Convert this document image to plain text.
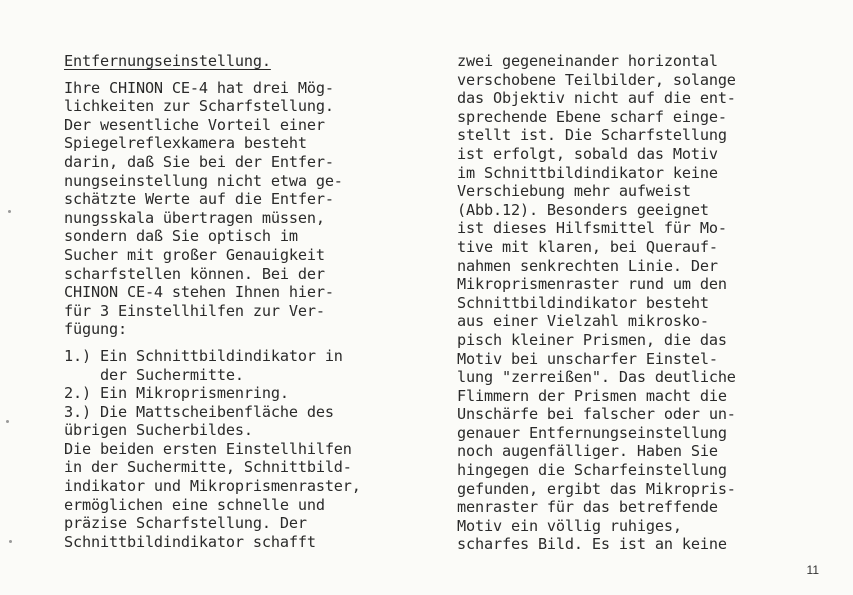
Entfernungseinstellung.
Ihre CHINON CE-4 hat drei Mög-
lichkeiten zur Scharfstellung.
Der wesentliche Vorteil einer
Spiegelreflexkamera besteht
darin, daß Sie bei der Entfer-
nungseinstellung nicht etwa ge-
schätzte Werte auf die Entfer-
nungsskala übertragen müssen,
sondern daß Sie optisch im
Sucher mit großer Genauigkeit
scharfstellen können. Bei der
CHINON CE-4 stehen Ihnen hier-
für 3 Einstellhilfen zur Ver-
fügung:
1.) Ein Schnittbildindikator in
der Suchermitte.
2.) Ein Mikroprismenring.
3.) Die Mattscheibenfläche des
übrigen Sucherbildes.
Die beiden ersten Einstellhilfen
in der Suchermitte, Schnittbild-
indikator und Mikroprismenraster,
ermöglichen eine schnelle und
präzise Scharfstellung. Der
Schnittbildindikator schafft
zwei gegeneinander horizontal
verschobene Teilbilder, solange
das Objektiv nicht auf die ent-
sprechende Ebene scharf einge-
stellt ist. Die Scharfstellung
ist erfolgt, sobald das Motiv
im Schnittbildindikator keine
Verschiebung mehr aufweist
(Abb.12). Besonders geeignet
ist dieses Hilfsmittel für Mo-
tive mit klaren, bei Querauf-
nahmen senkrechten Linie. Der
Mikroprismenraster rund um den
Schnittbildindikator besteht
aus einer Vielzahl mikrosko-
pisch kleiner Prismen, die das
Motiv bei unscharfer Einstel-
lung "zerreißen". Das deutliche
Flimmern der Prismen macht die
Unschärfe bei falscher oder un-
genauer Entfernungseinstellung
noch augenfälliger. Haben Sie
hingegen die Scharfeinstellung
gefunden, ergibt das Mikropris-
menraster für das betreffende
Motiv ein völlig ruhiges,
scharfes Bild. Es ist an keine
11
